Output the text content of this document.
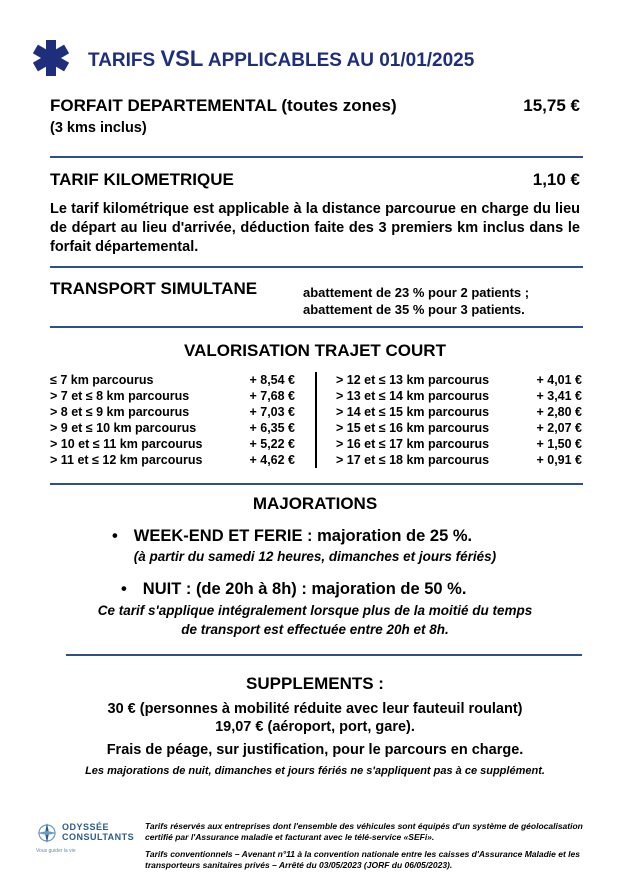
TARIFS VSL APPLICABLES AU 01/01/2025
FORFAIT DEPARTEMENTAL (toutes zones)	15,75 €
(3 kms inclus)
TARIF KILOMETRIQUE	1,10 €
Le tarif kilométrique est applicable à la distance parcourue en charge du lieu de départ au lieu d'arrivée, déduction faite des 3 premiers km inclus dans le forfait départemental.
TRANSPORT SIMULTANE	abattement de 23 % pour 2 patients ;
abattement de 35 % pour 3 patients.
VALORISATION TRAJET COURT
≤ 7 km parcourus	+ 8,54 €
> 7 et ≤ 8 km parcourus	+ 7,68 €
> 8 et ≤ 9 km parcourus	+ 7,03 €
> 9 et ≤ 10 km parcourus	+ 6,35 €
> 10 et ≤ 11 km parcourus	+ 5,22 €
> 11 et ≤ 12 km parcourus	+ 4,62 €
> 12 et ≤ 13 km parcourus	+ 4,01 €
> 13 et ≤ 14 km parcourus	+ 3,41 €
> 14 et ≤ 15 km parcourus	+ 2,80 €
> 15 et ≤ 16 km parcourus	+ 2,07 €
> 16 et ≤ 17 km parcourus	+ 1,50 €
> 17 et ≤ 18 km parcourus	+ 0,91 €
MAJORATIONS
• WEEK-END ET FERIE : majoration de 25 %.
(à partir du samedi 12 heures, dimanches et jours fériés)
• NUIT : (de 20h à 8h) : majoration de 50 %.
Ce tarif s'applique intégralement lorsque plus de la moitié du temps
de transport est effectuée entre 20h et 8h.
SUPPLEMENTS :
30 € (personnes à mobilité réduite avec leur fauteuil roulant)
19,07 € (aéroport, port, gare).
Frais de péage, sur justification, pour le parcours en charge.
Les majorations de nuit, dimanches et jours fériés ne s'appliquent pas à ce supplément.
ODYSSÉE
CONSULTANTS
Vous guider la vie
Tarifs réservés aux entreprises dont l'ensemble des véhicules sont équipés d'un système de géolocalisation certifié par l'Assurance maladie et facturant avec le télé-service «SEFi».
Tarifs conventionnels – Avenant n°11 à la convention nationale entre les caisses d'Assurance Maladie et les transporteurs sanitaires privés – Arrêté du 03/05/2023 (JORF du 06/05/2023).
